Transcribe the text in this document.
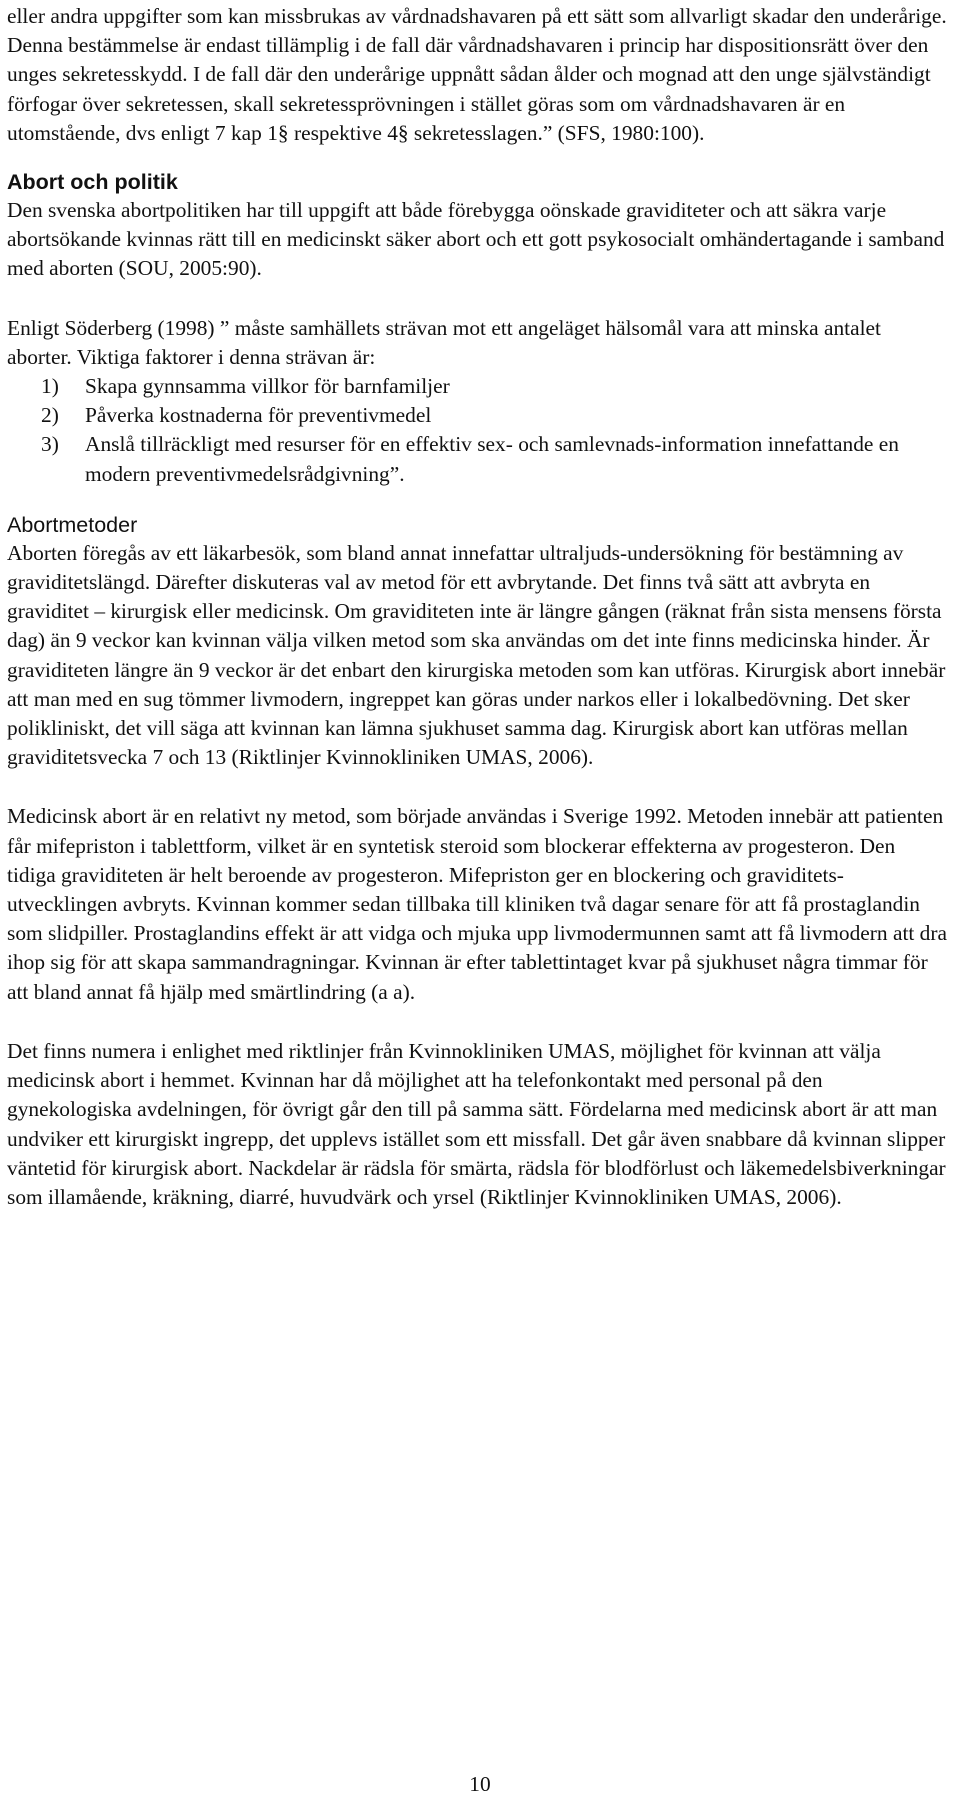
eller andra uppgifter som kan missbrukas av vårdnadshavaren på ett sätt som allvarligt skadar den underårige. Denna bestämmelse är endast tillämplig i de fall där vårdnadshavaren i princip har dispositionsrätt över den unges sekretesskydd. I de fall där den underårige uppnått sådan ålder och mognad att den unge självständigt förfogar över sekretessen, skall sekretessprövningen i stället göras som om vårdnadshavaren är en utomstående, dvs enligt 7 kap 1§ respektive 4§ sekretesslagen.” (SFS, 1980:100).

Abort och politik

Den svenska abortpolitiken har till uppgift att både förebygga oönskade graviditeter och att säkra varje abortsökande kvinnas rätt till en medicinskt säker abort och ett gott psykosocialt omhändertagande i samband med aborten (SOU, 2005:90).

Enligt Söderberg (1998) ” måste samhällets strävan mot ett angeläget hälsomål vara att minska antalet aborter. Viktiga faktorer i denna strävan är:

1) Skapa gynnsamma villkor för barnfamiljer
2) Påverka kostnaderna för preventivmedel
3) Anslå tillräckligt med resurser för en effektiv sex- och samlevnads-information innefattande en modern preventivmedelsrådgivning”.
Abortmetoder

Aborten föregås av ett läkarbesök, som bland annat innefattar ultraljuds-undersökning för bestämning av graviditetslängd. Därefter diskuteras val av metod för ett avbrytande. Det finns två sätt att avbryta en graviditet – kirurgisk eller medicinsk. Om graviditeten inte är längre gången (räknat från sista mensens första dag) än 9 veckor kan kvinnan välja vilken metod som ska användas om det inte finns medicinska hinder. Är graviditeten längre än 9 veckor är det enbart den kirurgiska metoden som kan utföras. Kirurgisk abort innebär att man med en sug tömmer livmodern, ingreppet kan göras under narkos eller i lokalbedövning. Det sker polikliniskt, det vill säga att kvinnan kan lämna sjukhuset samma dag. Kirurgisk abort kan utföras mellan graviditetsvecka 7 och 13 (Riktlinjer Kvinnokliniken UMAS, 2006).

Medicinsk abort är en relativt ny metod, som började användas i Sverige 1992. Metoden innebär att patienten får mifepriston i tablettform, vilket är en syntetisk steroid som blockerar effekterna av progesteron. Den tidiga graviditeten är helt beroende av progesteron. Mifepriston ger en blockering och graviditets-utvecklingen avbryts. Kvinnan kommer sedan tillbaka till kliniken två dagar senare för att få prostaglandin som slidpiller. Prostaglandins effekt är att vidga och mjuka upp livmodermunnen samt att få livmodern att dra ihop sig för att skapa sammandragningar. Kvinnan är efter tablettintaget kvar på sjukhuset några timmar för att bland annat få hjälp med smärtlindring (a a).

Det finns numera i enlighet med riktlinjer från Kvinnokliniken UMAS, möjlighet för kvinnan att välja medicinsk abort i hemmet. Kvinnan har då möjlighet att ha telefonkontakt med personal på den gynekologiska avdelningen, för övrigt går den till på samma sätt. Fördelarna med medicinsk abort är att man undviker ett kirurgiskt ingrepp, det upplevs istället som ett missfall. Det går även snabbare då kvinnan slipper väntetid för kirurgisk abort. Nackdelar är rädsla för smärta, rädsla för blodförlust och läkemedelsbiverkningar som illamående, kräkning, diarré, huvudvärk och yrsel (Riktlinjer Kvinnokliniken UMAS, 2006).

10
